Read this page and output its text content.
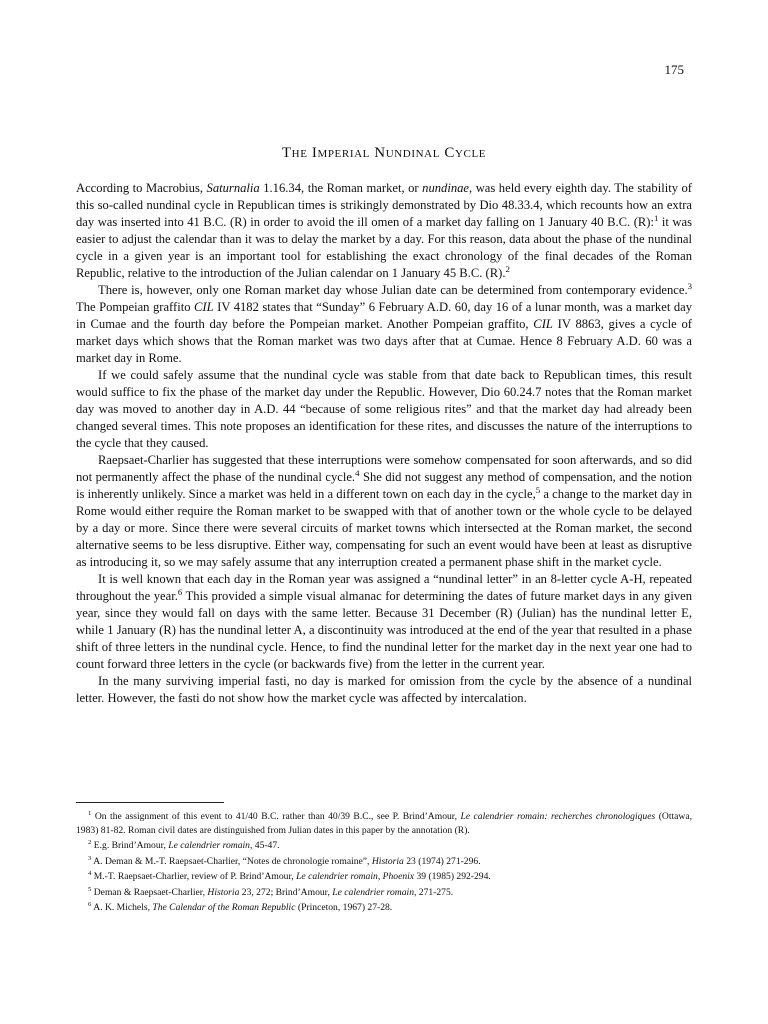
175
The Imperial Nundinal Cycle

According to Macrobius, Saturnalia 1.16.34, the Roman market, or nundinae, was held every eighth day. The stability of this so-called nundinal cycle in Republican times is strikingly demonstrated by Dio 48.33.4, which recounts how an extra day was inserted into 41 B.C. (R) in order to avoid the ill omen of a market day falling on 1 January 40 B.C. (R):$^1$ it was easier to adjust the calendar than it was to delay the market by a day. For this reason, data about the phase of the nundinal cycle in a given year is an important tool for establishing the exact chronology of the final decades of the Roman Republic, relative to the introduction of the Julian calendar on 1 January 45 B.C. (R).$^2$

There is, however, only one Roman market day whose Julian date can be determined from contemporary evidence.$^3$ The Pompeian graffito CIL IV 4182 states that “Sunday” 6 February A.D. 60, day 16 of a lunar month, was a market day in Cumae and the fourth day before the Pompeian market. Another Pompeian graffito, CIL IV 8863, gives a cycle of market days which shows that the Roman market was two days after that at Cumae. Hence 8 February A.D. 60 was a market day in Rome.

If we could safely assume that the nundinal cycle was stable from that date back to Republican times, this result would suffice to fix the phase of the market day under the Republic. However, Dio 60.24.7 notes that the Roman market day was moved to another day in A.D. 44 “because of some religious rites” and that the market day had already been changed several times. This note proposes an identification for these rites, and discusses the nature of the interruptions to the cycle that they caused.

Raepsaet-Charlier has suggested that these interruptions were somehow compensated for soon afterwards, and so did not permanently affect the phase of the nundinal cycle.$^4$ She did not suggest any method of compensation, and the notion is inherently unlikely. Since a market was held in a different town on each day in the cycle,$^5$ a change to the market day in Rome would either require the Roman market to be swapped with that of another town or the whole cycle to be delayed by a day or more. Since there were several circuits of market towns which intersected at the Roman market, the second alternative seems to be less disruptive. Either way, compensating for such an event would have been at least as disruptive as introducing it, so we may safely assume that any interruption created a permanent phase shift in the market cycle.

It is well known that each day in the Roman year was assigned a “nundinal letter” in an 8-letter cycle A-H, repeated throughout the year.$^6$ This provided a simple visual almanac for determining the dates of future market days in any given year, since they would fall on days with the same letter. Because 31 December (R) (Julian) has the nundinal letter E, while 1 January (R) has the nundinal letter A, a discontinuity was introduced at the end of the year that resulted in a phase shift of three letters in the nundinal cycle. Hence, to find the nundinal letter for the market day in the next year one had to count forward three letters in the cycle (or backwards five) from the letter in the current year.

In the many surviving imperial fasti, no day is marked for omission from the cycle by the absence of a nundinal letter. However, the fasti do not show how the market cycle was affected by intercalation.

$^1$ On the assignment of this event to 41/40 B.C. rather than 40/39 B.C., see P. Brind’Amour, Le calendrier romain: recherches chronologiques (Ottawa, 1983) 81-82. Roman civil dates are distinguished from Julian dates in this paper by the annotation (R).

$^2$ E.g. Brind’Amour, Le calendrier romain, 45-47.

$^3$ A. Deman & M.-T. Raepsaet-Charlier, “Notes de chronologie romaine”, Historia 23 (1974) 271-296.

$^4$ M.-T. Raepsaet-Charlier, review of P. Brind’Amour, Le calendrier romain, Phoenix 39 (1985) 292-294.

$^5$ Deman & Raepsaet-Charlier, Historia 23, 272; Brind’Amour, Le calendrier romain, 271-275.

$^6$ A. K. Michels, The Calendar of the Roman Republic (Princeton, 1967) 27-28.
